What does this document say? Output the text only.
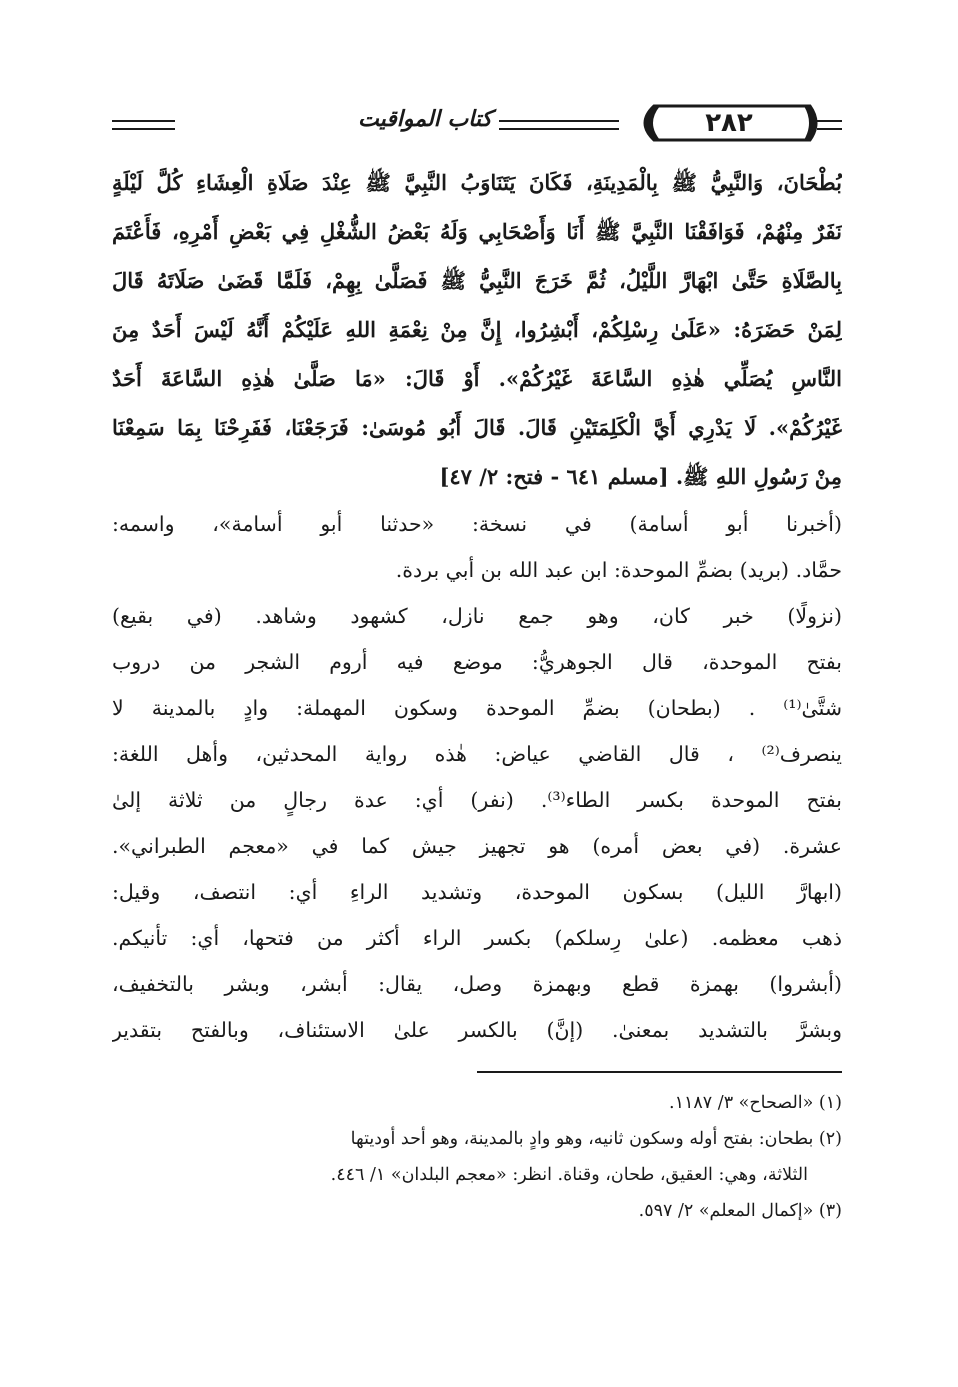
٢٨٢
كتاب المواقيت
بُطْحَانَ، وَالنَّبِيُّ ﷺ بِالْمَدِينَةِ، فَكَانَ يَتَنَاوَبُ النَّبِيَّ ﷺ عِنْدَ صَلَاةِ الْعِشَاءِ كُلَّ لَيْلَةٍ
نَفَرٌ مِنْهُمْ، فَوَافَقْنَا النَّبِيَّ ﷺ أَنَا وَأَصْحَابِي وَلَهُ بَعْضُ الشُّغْلِ فِي بَعْضِ أَمْرِهِ، فَأَعْتَمَ
بِالصَّلَاةِ حَتَّىٰ ابْهَارَّ اللَّيْلُ، ثُمَّ خَرَجَ النَّبِيُّ ﷺ فَصَلَّىٰ بِهِمْ، فَلَمَّا قَضَىٰ صَلَاتَهُ قَالَ
لِمَنْ حَضَرَهُ: «عَلَىٰ رِسْلِكُمْ، أَبْشِرُوا، إِنَّ مِنْ نِعْمَةِ اللهِ عَلَيْكُمْ أَنَّهُ لَيْسَ أَحَدٌ مِنَ
النَّاسِ يُصَلِّي هٰذِهِ السَّاعَةَ غَيْرُكُمْ». أَوْ قَالَ: «مَا صَلَّىٰ هٰذِهِ السَّاعَةَ أَحَدٌ
غَيْرُكُمْ». لَا يَدْرِي أَيَّ الْكَلِمَتَيْنِ قَالَ. قَالَ أَبُو مُوسَىٰ: فَرَجَعْنَا، فَفَرِحْنَا بِمَا سَمِعْنَا
مِنْ رَسُولِ اللهِ ﷺ. [مسلم ٦٤١ - فتح: ٢/ ٤٧]
(أخبرنا أبو أسامة) في نسخة: «حدثنا أبو أسامة»، واسمه:
حمَّاد. (بريد) بضمِّ الموحدة: ابن عبد الله بن أبي بردة.
(نزولًا) خبر كان، وهو جمع نازل، كشهود وشاهد. (في بقيع)
بفتح الموحدة، قال الجوهريُّ: موضع فيه أروم الشجر من دروب
شتَّىٰ⁽¹⁾ . (بطحان) بضمِّ الموحدة وسكون المهملة: وادٍ بالمدينة لا
ينصرف⁽²⁾ ، قال القاضي عياض: هٰذه رواية المحدثين، وأهل اللغة:
بفتح الموحدة بكسر الطاء⁽³⁾. (نفر) أي: عدة رجالٍ من ثلاثة إلىٰ
عشرة. (في بعض أمره) هو تجهيز جيش كما في «معجم الطبراني».
(ابهارَّ الليل) بسكون الموحدة، وتشديد الراءِ أي: انتصف، وقيل:
ذهب معظمه. (علىٰ رِسلكم) بكسر الراء أكثر من فتحها، أي: تأنيكم.
(أبشروا) بهمزة قطع وبهمزة وصل، يقال: أبشر، وبشر بالتخفيف،
وبشرَّ بالتشديد بمعنىٰ. (إنَّ) بالكسر علىٰ الاستئناف، وبالفتح بتقدير
(١) «الصحاح» ٣/ ١١٨٧.
(٢) بطحان: بفتح أوله وسكون ثانيه، وهو وادٍ بالمدينة، وهو أحد أوديتها
الثلاثة، وهي: العقيق، طحان، وقناة. انظر: «معجم البلدان» ١/ ٤٤٦.
(٣) «إكمال المعلم» ٢/ ٥٩٧.
